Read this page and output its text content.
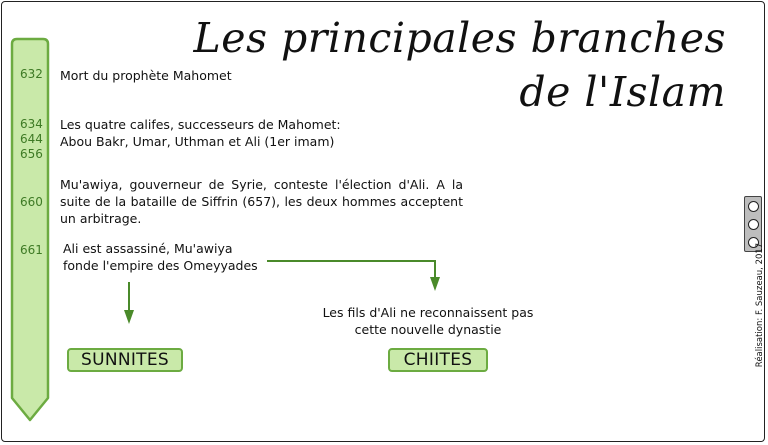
Les principales branches
de l'Islam
632
634
644
656
660
661
Mort du prophète Mahomet
Les quatre califes, successeurs de Mahomet:
Abou Bakr, Umar, Uthman et Ali (1er imam)
Mu'awiya, gouverneur de Syrie, conteste l'élection d'Ali. A la suite de la bataille de Siffrin (657), les deux hommes acceptent un arbitrage.
Ali est assassiné, Mu'awiya
fonde l'empire des Omeyyades
Les fils d'Ali ne reconnaissent pas
cette nouvelle dynastie
SUNNITES	CHIITES	Réalisation: F. Sauzeau, 2017
